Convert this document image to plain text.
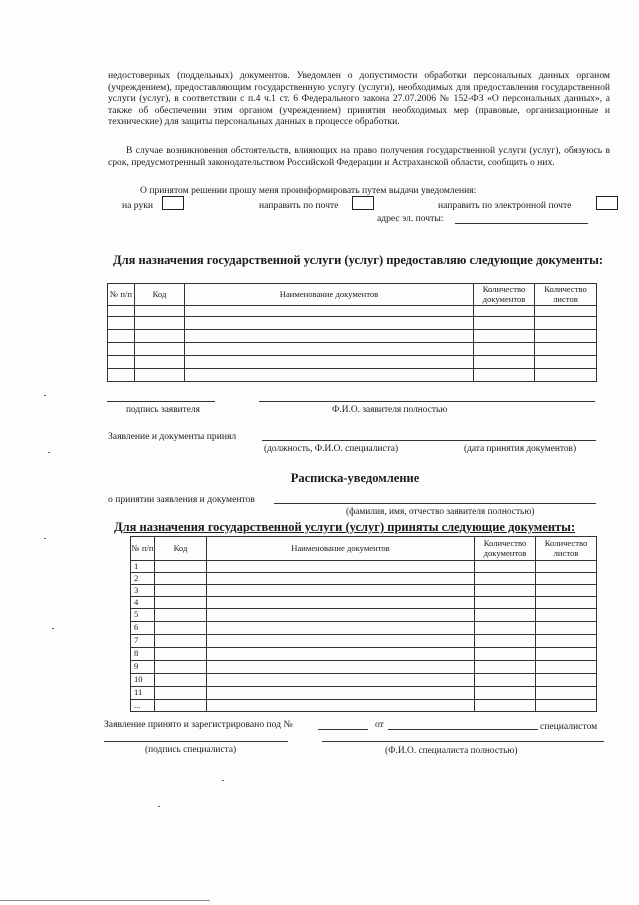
недостоверных (поддельных) документов. Уведомлен о допустимости обработки персональных данных органом (учреждением), предоставляющим государственную услугу (услуги), необходимых для предоставления государственной услуги (услуг), в соответствии с п.4 ч.1 ст. 6 Федерального закона 27.07.2006 № 152-ФЗ «О персональных данных», а также об обеспечении этим органом (учреждением) принятия необходимых мер (правовые, организационные и технические) для защиты персональных данных в процессе обработки.
В случае возникновения обстоятельств, влияющих на право получения государственной услуги (услуг), обязуюсь в срок, предусмотренный законодательством Российской Федерации и Астраханской области, сообщить о них.
О принятом решении прошу меня проинформировать путем выдачи уведомления:
на руки	направить по почте	направить по электронной почте
адрес эл. почты:
Для назначения государственной услуги (услуг) предоставляю следующие документы:
№ п/п	Код	Наименование документов	Количество документов	Количество листов

подпись заявителя	Ф.И.О. заявителя полностью
Заявление и документы принял
(должность, Ф.И.О. специалиста)	(дата принятия документов)
Расписка-уведомление
о принятии заявления и документов
(фамилия, имя, отчество заявителя полностью)
Для назначения государственной услуги (услуг) приняты следующие документы:
№ п/п	Код	Наименование документов	Количество документов	Количество листов
1				
2				
3				
4				
5				
6				
7				
8				
9				
10				
11				
...				
Заявление принято и зарегистрировано под №	от	специалистом
(подпись специалиста)	(Ф.И.О. специалиста полностью)
